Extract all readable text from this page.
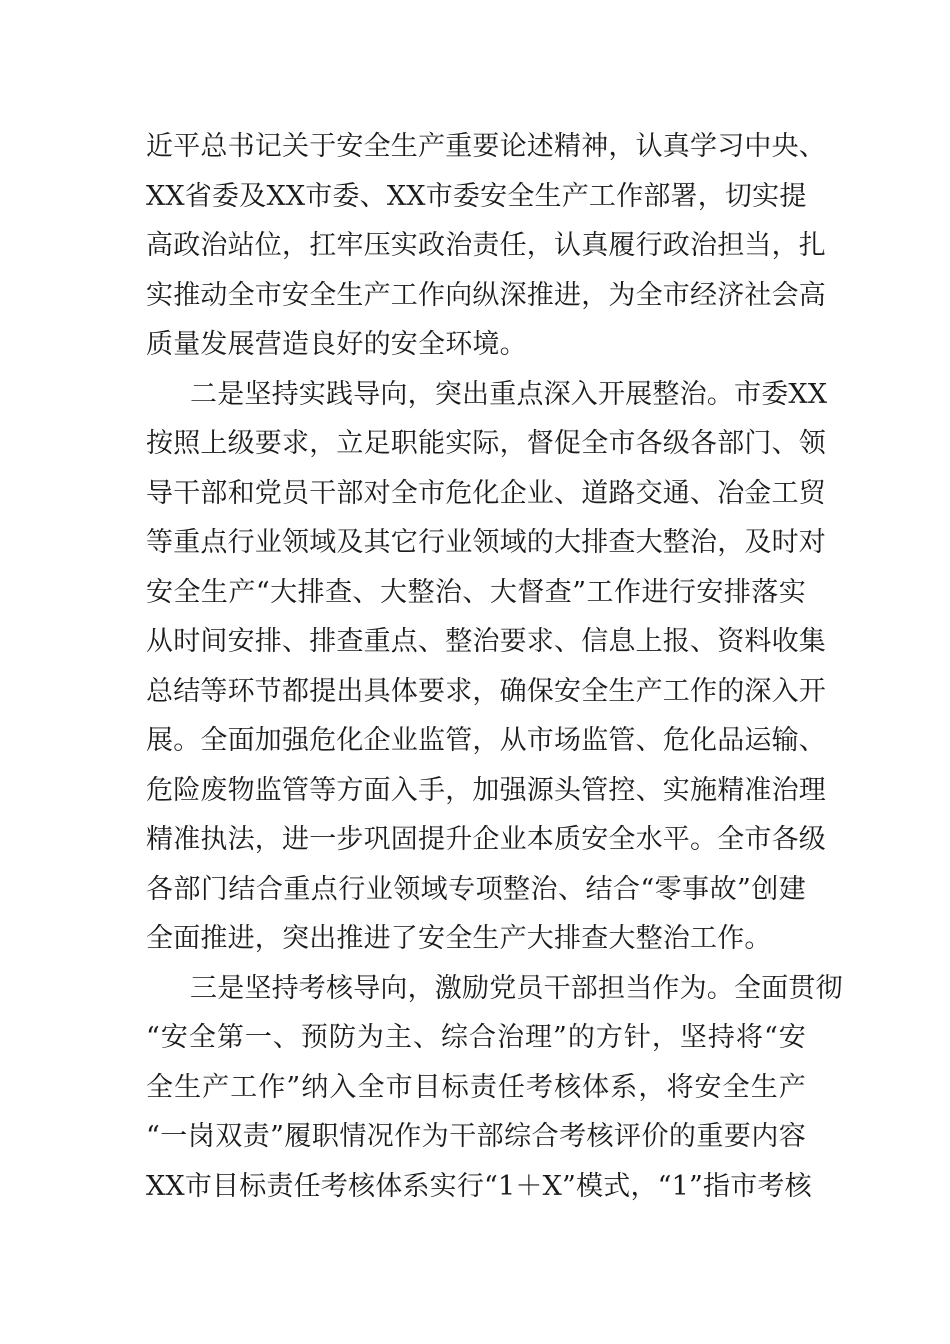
近平总书记关于安全生产重要论述精神，认真学习中央、
XX省委及XX市委、XX市委安全生产工作部署，切实提
高政治站位，扛牢压实政治责任，认真履行政治担当，扎
实推动全市安全生产工作向纵深推进，为全市经济社会高
质量发展营造良好的安全环境。
二是坚持实践导向，突出重点深入开展整治。市委XX
按照上级要求，立足职能实际，督促全市各级各部门、领
导干部和党员干部对全市危化企业、道路交通、冶金工贸
等重点行业领域及其它行业领域的大排查大整治，及时对
安全生产“大排查、大整治、大督查”工作进行安排落实
从时间安排、排查重点、整治要求、信息上报、资料收集
总结等环节都提出具体要求，确保安全生产工作的深入开
展。全面加强危化企业监管，从市场监管、危化品运输、
危险废物监管等方面入手，加强源头管控、实施精准治理
精准执法，进一步巩固提升企业本质安全水平。全市各级
各部门结合重点行业领域专项整治、结合“零事故”创建
全面推进，突出推进了安全生产大排查大整治工作。
三是坚持考核导向，激励党员干部担当作为。全面贯彻
“安全第一、预防为主、综合治理”的方针，坚持将“安
全生产工作”纳入全市目标责任考核体系，将安全生产
“一岗双责”履职情况作为干部综合考核评价的重要内容
XX市目标责任考核体系实行“1＋X”模式，“1”指市考核
